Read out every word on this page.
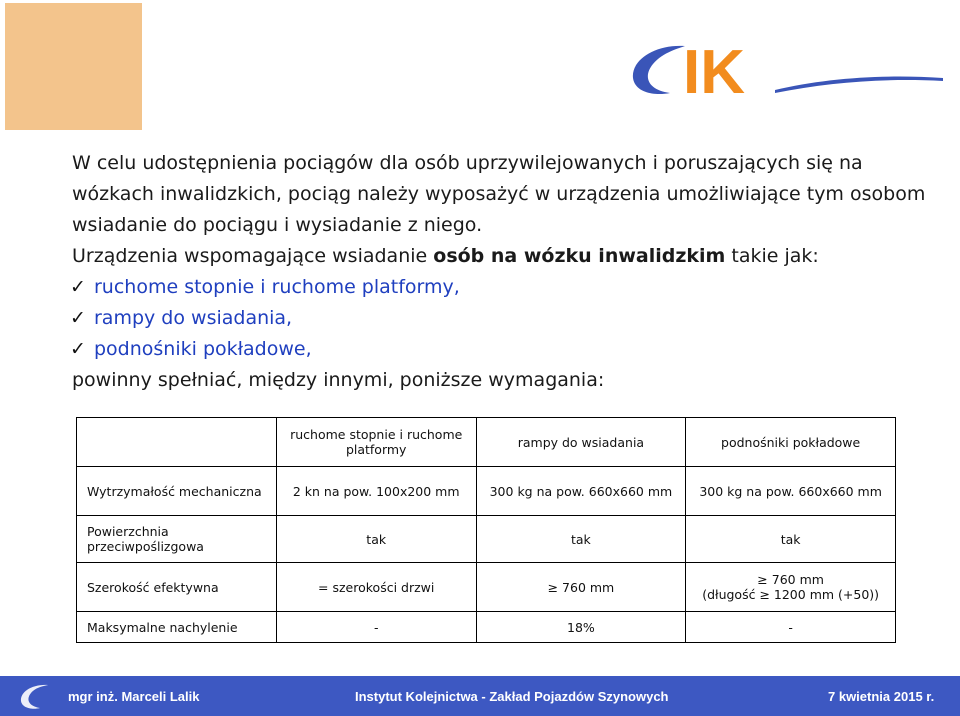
IK

W celu udostępnienia pociągów dla osób uprzywilejowanych i poruszających się na wózkach inwalidzkich, pociąg należy wyposażyć w urządzenia umożliwiające tym osobom wsiadanie do pociągu i wysiadanie z niego.

Urządzenia wspomagające wsiadanie osób na wózku inwalidzkim takie jak:

✓ ruchome stopnie i ruchome platformy,

✓ rampy do wsiadania,

✓ podnośniki pokładowe,

powinny spełniać, między innymi, poniższe wymagania:

	ruchome stopnie i ruchome platformy	rampy do wsiadania	podnośniki pokładowe
Wytrzymałość mechaniczna	2 kn na pow. 100x200 mm	300 kg na pow. 660x660 mm	300 kg na pow. 660x660 mm
Powierzchnia przeciwpoślizgowa	tak	tak	tak
Szerokość efektywna	= szerokości drzwi	≥ 760 mm	≥ 760 mm
(długość ≥ 1200 mm (+50))

Maksymalne nachylenie	-	18%	-
mgr inż. Marceli Lalik	Instytut Kolejnictwa - Zakład Pojazdów Szynowych	7 kwietnia 2015 r.
